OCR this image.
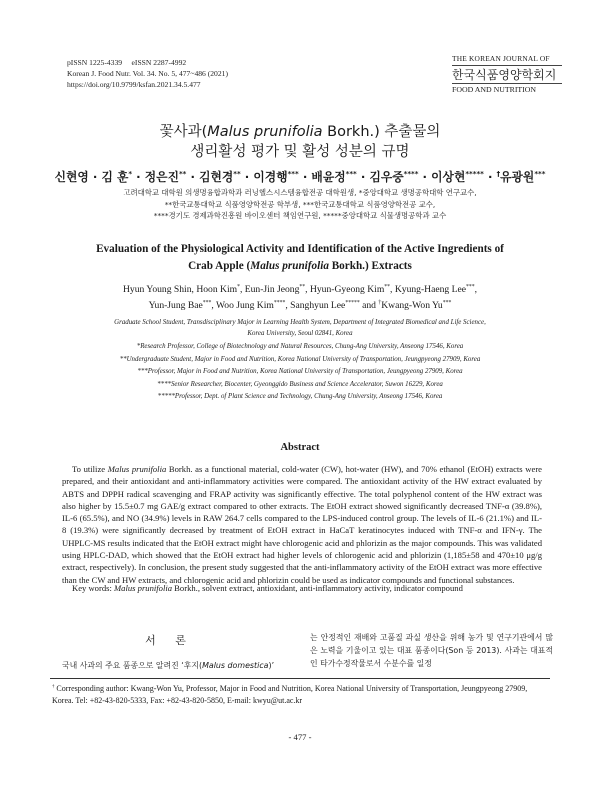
pISSN 1225-4339     eISSN 2287-4992
Korean J. Food Nutr. Vol. 34. No. 5, 477~486 (2021)
https://doi.org/10.9799/ksfan.2021.34.5.477
THE KOREAN JOURNAL OF
한국식품영양학회지
FOOD AND NUTRITION
꽃사과(Malus prunifolia Borkh.) 추출물의
생리활성 평가 및 활성 성분의 규명
신현영 · 김 훈* · 정은진** · 김현경** · 이경행*** · 배윤정*** · 김우중**** · 이상현***** · †유광원***
고려대학교 대학원 의생명융합과학과 러닝헬스시스템융합전공 대학원생, *중앙대학교 생명공학대학 연구교수,
**한국교통대학교 식품영양학전공 학부생, ***한국교통대학교 식품영양학전공 교수,
****경기도 경제과학진흥원 바이오센터 책임연구원, *****중앙대학교 식물생명공학과 교수
Evaluation of the Physiological Activity and Identification of the Active Ingredients of
Crab Apple (Malus prunifolia Borkh.) Extracts
Hyun Young Shin, Hoon Kim*, Eun-Jin Jeong**, Hyun-Gyeong Kim**, Kyung-Haeng Lee***,
Yun-Jung Bae***, Woo Jung Kim****, Sanghyun Lee***** and †Kwang-Won Yu***
Graduate School Student, Transdisciplinary Major in Learning Health System, Department of Integrated Biomedical and Life Science,
Korea University, Seoul 02841, Korea
*Research Professor, College of Biotechnology and Natural Resources, Chung-Ang University, Anseong 17546, Korea
**Undergraduate Student, Major in Food and Nutrition, Korea National University of Transportation, Jeungpyeong 27909, Korea
***Professor, Major in Food and Nutrition, Korea National University of Transportation, Jeungpyeong 27909, Korea
****Senior Researcher, Biocenter, Gyeonggido Business and Science Accelerator, Suwon 16229, Korea
*****Professor, Dept. of Plant Science and Technology, Chung-Ang University, Anseong 17546, Korea
Abstract
To utilize Malus prunifolia Borkh. as a functional material, cold-water (CW), hot-water (HW), and 70% ethanol (EtOH) extracts were prepared, and their antioxidant and anti-inflammatory activities were compared. The antioxidant activity of the HW extract evaluated by ABTS and DPPH radical scavenging and FRAP activity was significantly effective. The total polyphenol content of the HW extract was also higher by 15.5±0.7 mg GAE/g extract compared to other extracts. The EtOH extract showed significantly decreased TNF-α (39.8%), IL-6 (65.5%), and NO (34.9%) levels in RAW 264.7 cells compared to the LPS-induced control group. The levels of IL-6 (21.1%) and IL-8 (19.3%) were significantly decreased by treatment of EtOH extract in HaCaT keratinocytes induced with TNF-α and IFN-γ. The UHPLC-MS results indicated that the EtOH extract might have chlorogenic acid and phlorizin as the major compounds. This was validated using HPLC-DAD, which showed that the EtOH extract had higher levels of chlorogenic acid and phlorizin (1,185±58 and 470±10 μg/g extract, respectively). In conclusion, the present study suggested that the anti-inflammatory activity of the EtOH extract was more effective than the CW and HW extracts, and chlorogenic acid and phlorizin could be used as indicator compounds and functional substances.
Key words: Malus prunifolia Borkh., solvent extract, antioxidant, anti-inflammatory activity, indicator compound
서 론
국내 사과의 주요 품종으로 알려진 ‘후지(Malus domestica)’
는 안정적인 재배와 고품질 과실 생산을 위해 농가 및 연구기관에서 많은 노력을 기울이고 있는 대표 품종이다(Son 등 2013). 사과는 대표적인 타가수정작물로서 수분수를 일정
† Corresponding author: Kwang-Won Yu, Professor, Major in Food and Nutrition, Korea National University of Transportation, Jeungpyeong 27909, Korea. Tel: +82-43-820-5333, Fax: +82-43-820-5850, E-mail: kwyu@ut.ac.kr
- 477 -
